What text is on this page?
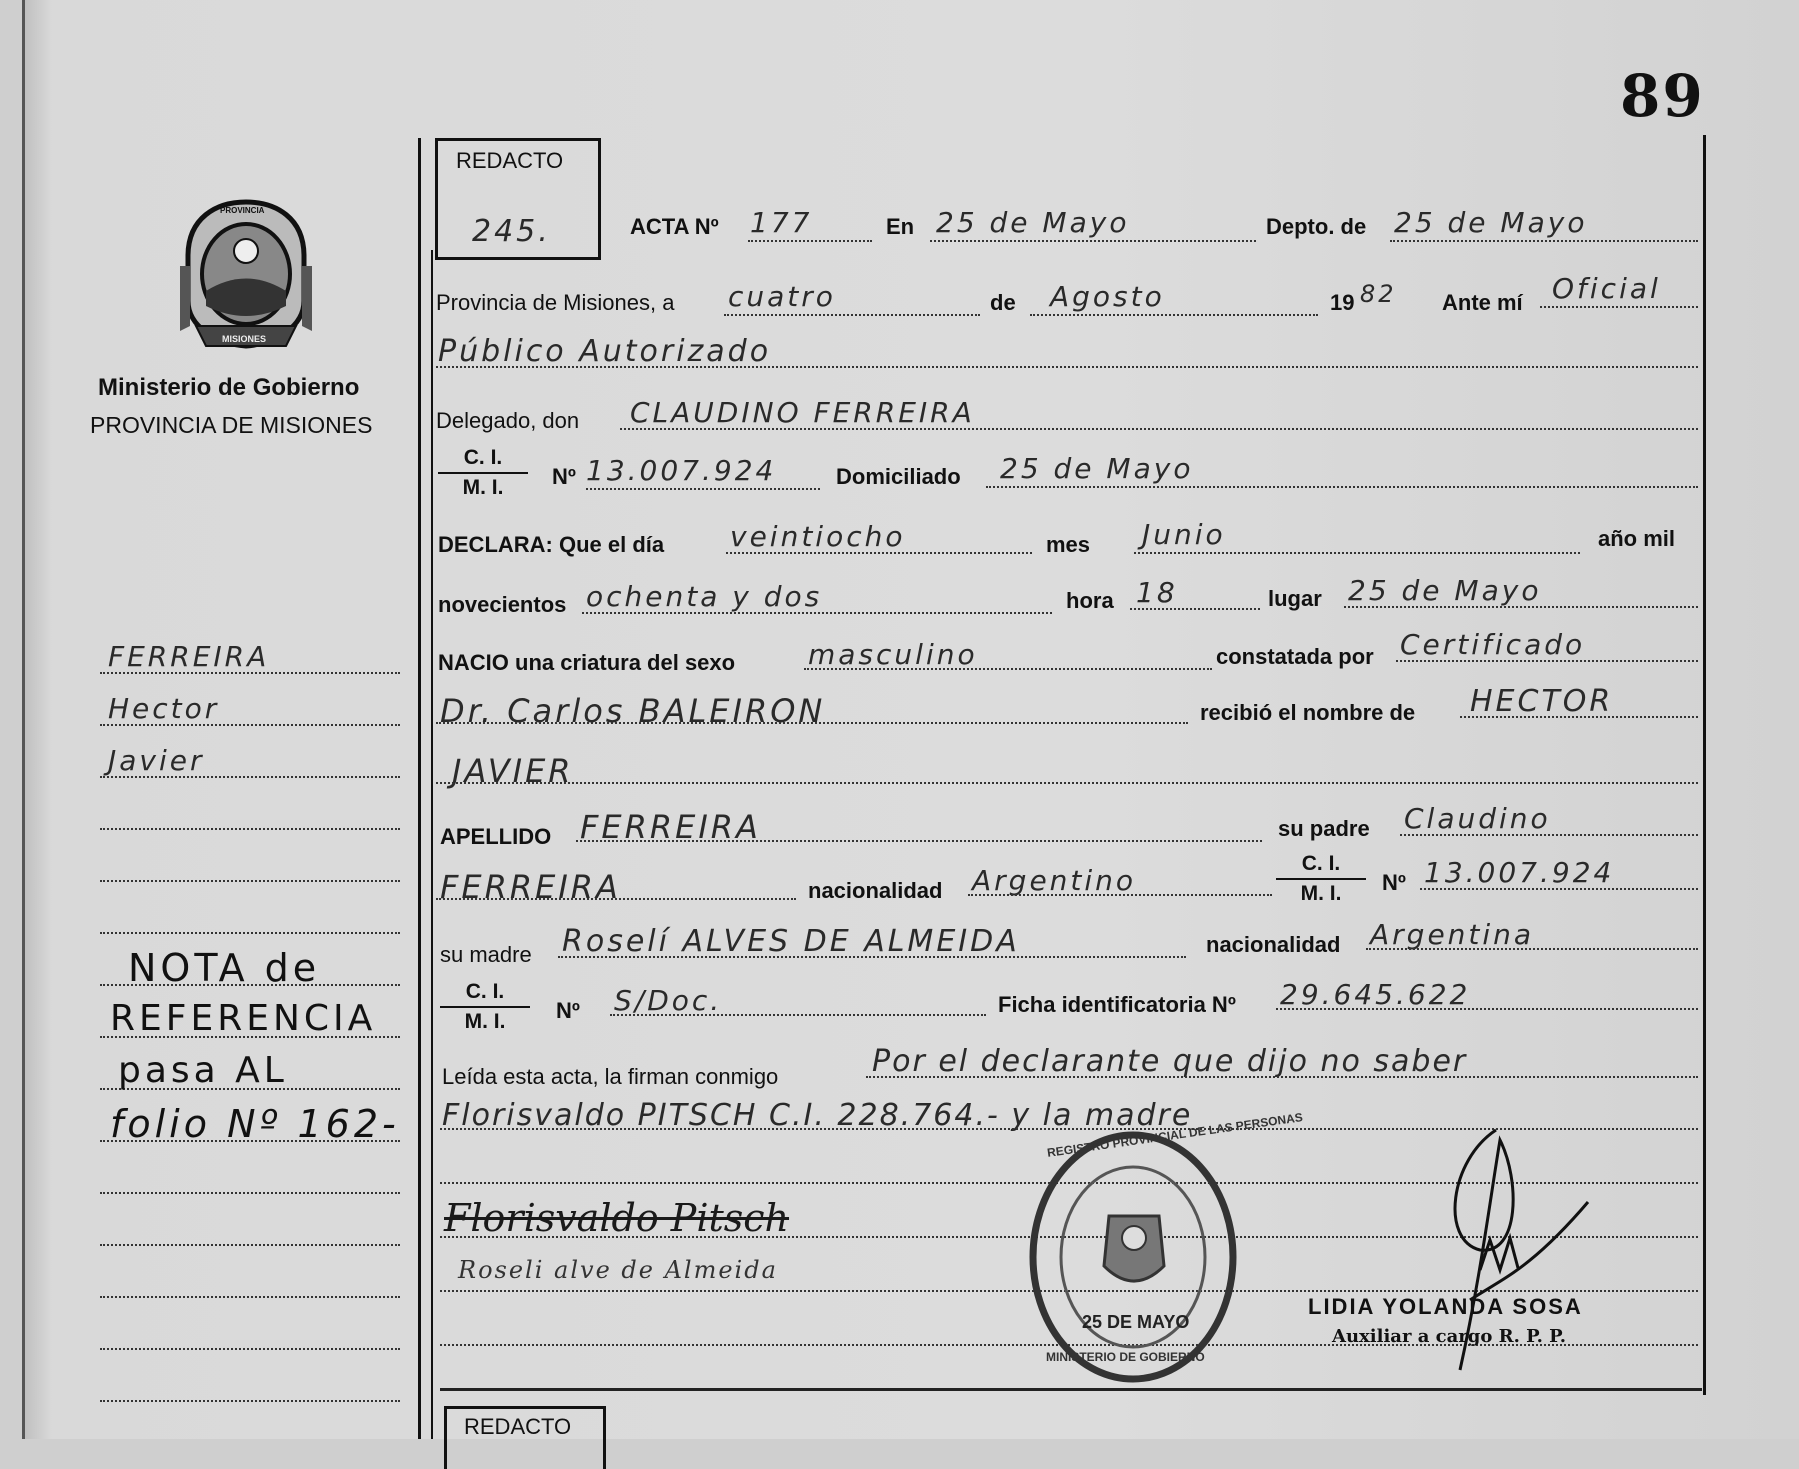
89
PROVINCIA
MISIONES
Ministerio de Gobierno
PROVINCIA DE MISIONES
FERREIRA
Hector
Javier
NOTA de
REFERENCIA
pasa AL
folio Nº 162-
REDACTO
245.	ACTA Nº 177	En 25 de Mayo	Depto. de 25 de Mayo
Provincia de Misiones, a cuatro	de Agosto	19 82 Ante mí Oficial
Público Autorizado
Delegado, don CLAUDINO FERREIRA
C. I.
M. I.	Nº 13.007.924	Domiciliado 25 de Mayo
DECLARA: Que el día veintiocho	mes Junio	año mil
novecientos ochenta y dos	hora 18	lugar 25 de Mayo
NACIO una criatura del sexo	masculino	constatada por Certificado
Dr. Carlos BALEIRON	recibió el nombre de HECTOR
JAVIER
APELLIDO FERREIRA	su padre Claudino
FERREIRA	nacionalidad Argentino
C. I.
M. I.	Nº 13.007.924
su madre Roselí ALVES DE ALMEIDA	nacionalidad Argentina
C. I.
M. I.	Nº S/Doc.	Ficha identificatoria Nº 29.645.622
Leída esta acta, la firman conmigo	Por el declarante que dijo no saber
Florisvaldo PITSCH C.I. 228.764.- y la madre
Florisvaldo Pitsch
Roseli alve de Almeida
REGISTRO PROVINCIAL DE LAS PERSONAS
25 DE MAYO
MINISTERIO DE GOBIERNO
LIDIA YOLANDA SOSA
Auxiliar a cargo R. P. P.
REDACTO
